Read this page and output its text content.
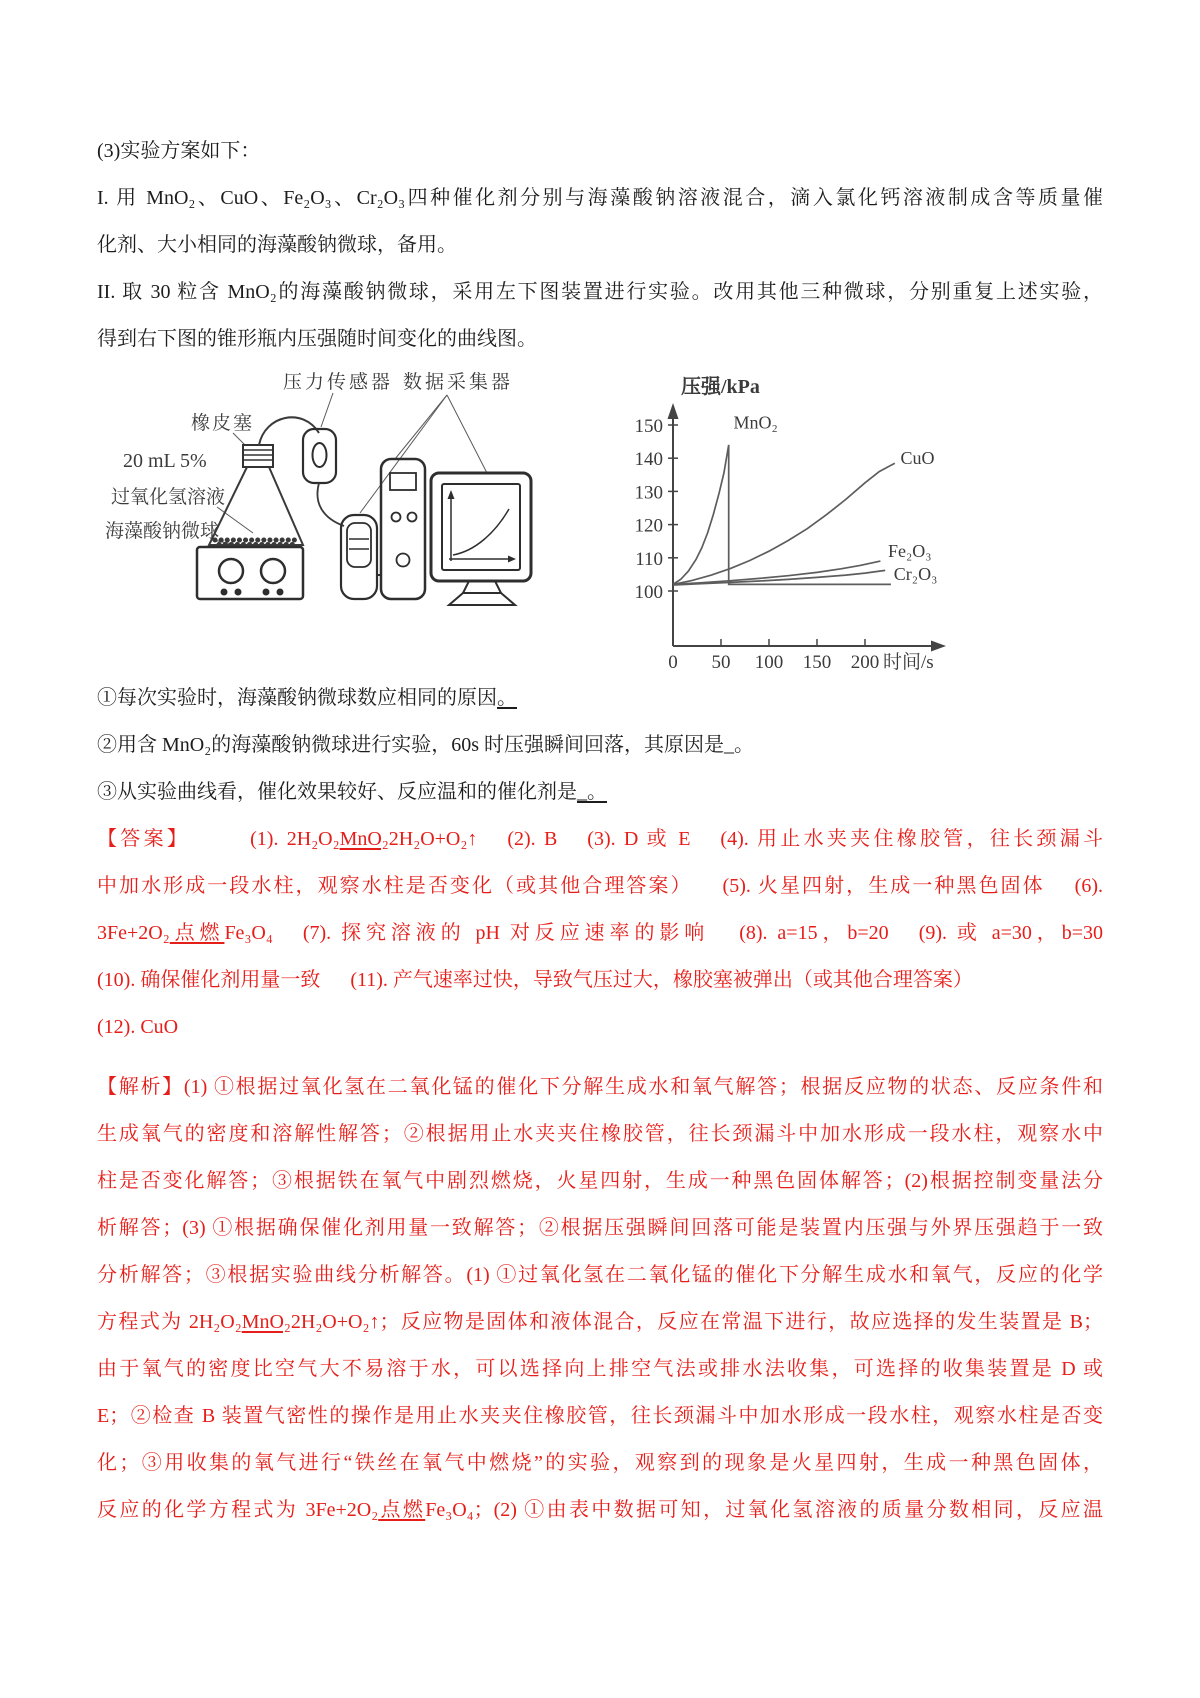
(3)实验方案如下：
I. 用 MnO₂、CuO、Fe₂O₃、Cr₂O₃四种催化剂分别与海藻酸钠溶液混合，滴入氯化钙溶液制成含等质量催
化剂、大小相同的海藻酸钠微球，备用。
II. 取 30 粒含 MnO₂的海藻酸钠微球，采用左下图装置进行实验。改用其他三种微球，分别重复上述实验，
得到右下图的锥形瓶内压强随时间变化的曲线图。
压力传感器 数据采集器
橡皮塞
20 mL 5%
过氧化氢溶液
海藻酸钠微球
100
110
120
130
140
150
0 50 100 150 200
压强/kPa
时间/s
MnO₂
CuO
Fe₂O₃
Cr₂O₃
①每次实验时，海藻酸钠微球数应相同的原因。
②用含 MnO₂的海藻酸钠微球进行实验，60s 时压强瞬间回落，其原因是_。
③从实验曲线看，催化效果较好、反应温和的催化剂是_。
【答案】	(1). 2H₂O₂MnO₂2H₂O+O₂↑ (2). B (3). D 或 E (4). 用止水夹夹住橡胶管，往长颈漏斗
中加水形成一段水柱，观察水柱是否变化（或其他合理答案） (5). 火星四射，生成一种黑色固体 (6).
3Fe+2O₂点燃Fe₃O₄ (7). 探究溶液的 pH 对反应速率的影响 (8). a=15，b=20 (9). 或 a=30，b=30
(10). 确保催化剂用量一致 (11). 产气速率过快，导致气压过大，橡胶塞被弹出（或其他合理答案）
(12). CuO
【解析】(1) ①根据过氧化氢在二氧化锰的催化下分解生成水和氧气解答；根据反应物的状态、反应条件和
生成氧气的密度和溶解性解答；②根据用止水夹夹住橡胶管，往长颈漏斗中加水形成一段水柱，观察水中
柱是否变化解答；③根据铁在氧气中剧烈燃烧，火星四射，生成一种黑色固体解答；(2)根据控制变量法分
析解答；(3) ①根据确保催化剂用量一致解答；②根据压强瞬间回落可能是装置内压强与外界压强趋于一致
分析解答；③根据实验曲线分析解答。(1) ①过氧化氢在二氧化锰的催化下分解生成水和氧气，反应的化学
方程式为 2H₂O₂MnO₂2H₂O+O₂↑；反应物是固体和液体混合，反应在常温下进行，故应选择的发生装置是 B；
由于氧气的密度比空气大不易溶于水，可以选择向上排空气法或排水法收集，可选择的收集装置是 D 或
E；②检查 B 装置气密性的操作是用止水夹夹住橡胶管，往长颈漏斗中加水形成一段水柱，观察水柱是否变
化；③用收集的氧气进行“铁丝在氧气中燃烧”的实验，观察到的现象是火星四射，生成一种黑色固体，
反应的化学方程式为 3Fe+2O₂点燃Fe₃O₄；(2) ①由表中数据可知，过氧化氢溶液的质量分数相同，反应温
